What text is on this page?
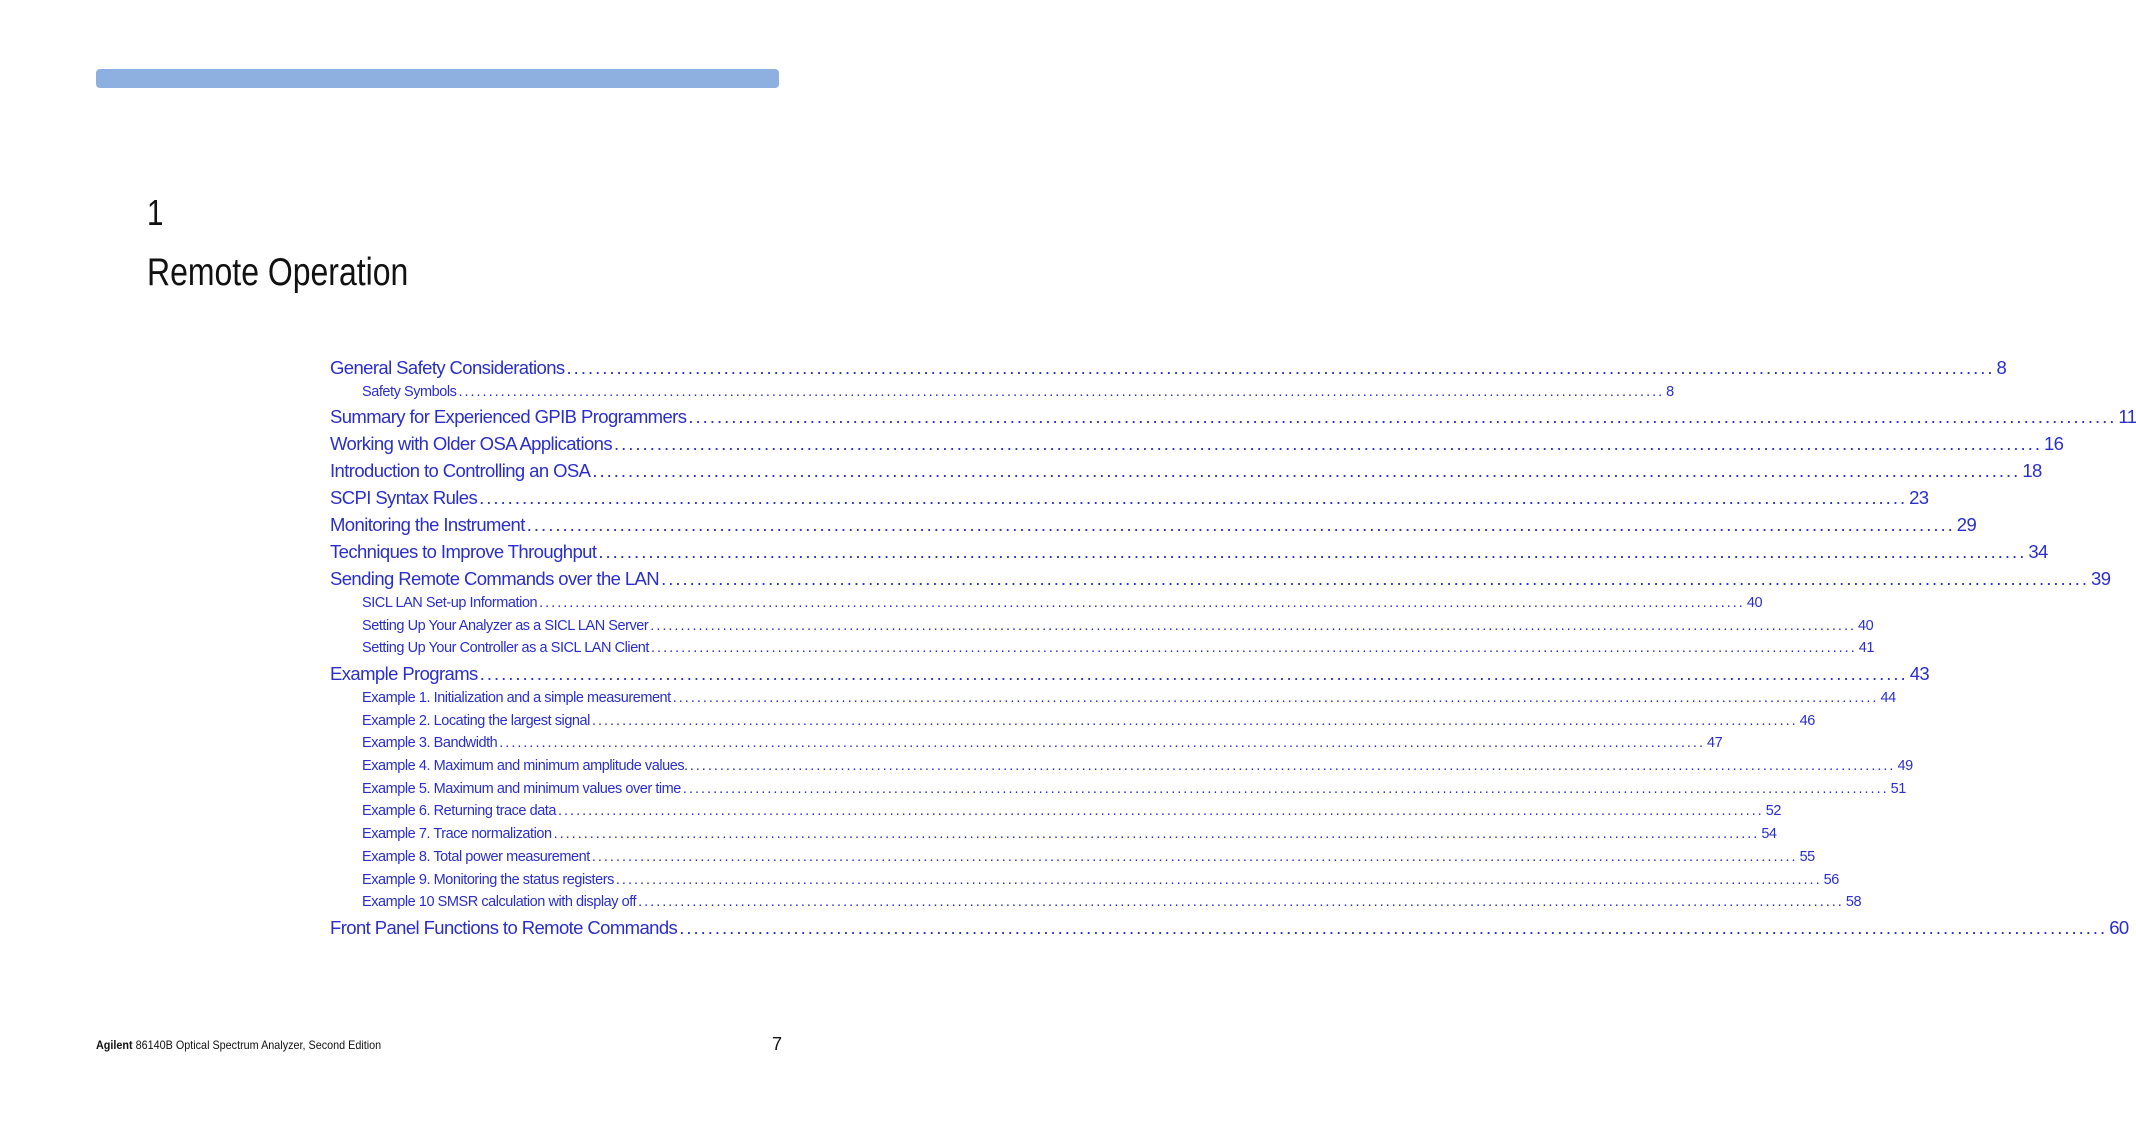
1
Remote Operation
General Safety Considerations ........................................................................................................................................................................................................ 8
Safety Symbols ........................................................................................................................................................................................................ 8
Summary for Experienced GPIB Programmers ........................................................................................................................................................................................................ 11
Working with Older OSA Applications ........................................................................................................................................................................................................ 16
Introduction to Controlling an OSA ........................................................................................................................................................................................................ 18
SCPI Syntax Rules ........................................................................................................................................................................................................ 23
Monitoring the Instrument ........................................................................................................................................................................................................ 29
Techniques to Improve Throughput ........................................................................................................................................................................................................ 34
Sending Remote Commands over the LAN ........................................................................................................................................................................................................ 39
SICL LAN Set-up Information ........................................................................................................................................................................................................ 40
Setting Up Your Analyzer as a SICL LAN Server ........................................................................................................................................................................................................ 40
Setting Up Your Controller as a SICL LAN Client ........................................................................................................................................................................................................ 41
Example Programs ........................................................................................................................................................................................................ 43
Example 1. Initialization and a simple measurement ........................................................................................................................................................................................................ 44
Example 2. Locating the largest signal ........................................................................................................................................................................................................ 46
Example 3. Bandwidth ........................................................................................................................................................................................................ 47
Example 4. Maximum and minimum amplitude values. ........................................................................................................................................................................................................ 49
Example 5. Maximum and minimum values over time ........................................................................................................................................................................................................ 51
Example 6. Returning trace data ........................................................................................................................................................................................................ 52
Example 7. Trace normalization ........................................................................................................................................................................................................ 54
Example 8. Total power measurement ........................................................................................................................................................................................................ 55
Example 9. Monitoring the status registers ........................................................................................................................................................................................................ 56
Example 10 SMSR calculation with display off ........................................................................................................................................................................................................ 58
Front Panel Functions to Remote Commands ........................................................................................................................................................................................................ 60
Agilent 86140B Optical Spectrum Analyzer, Second Edition	7
